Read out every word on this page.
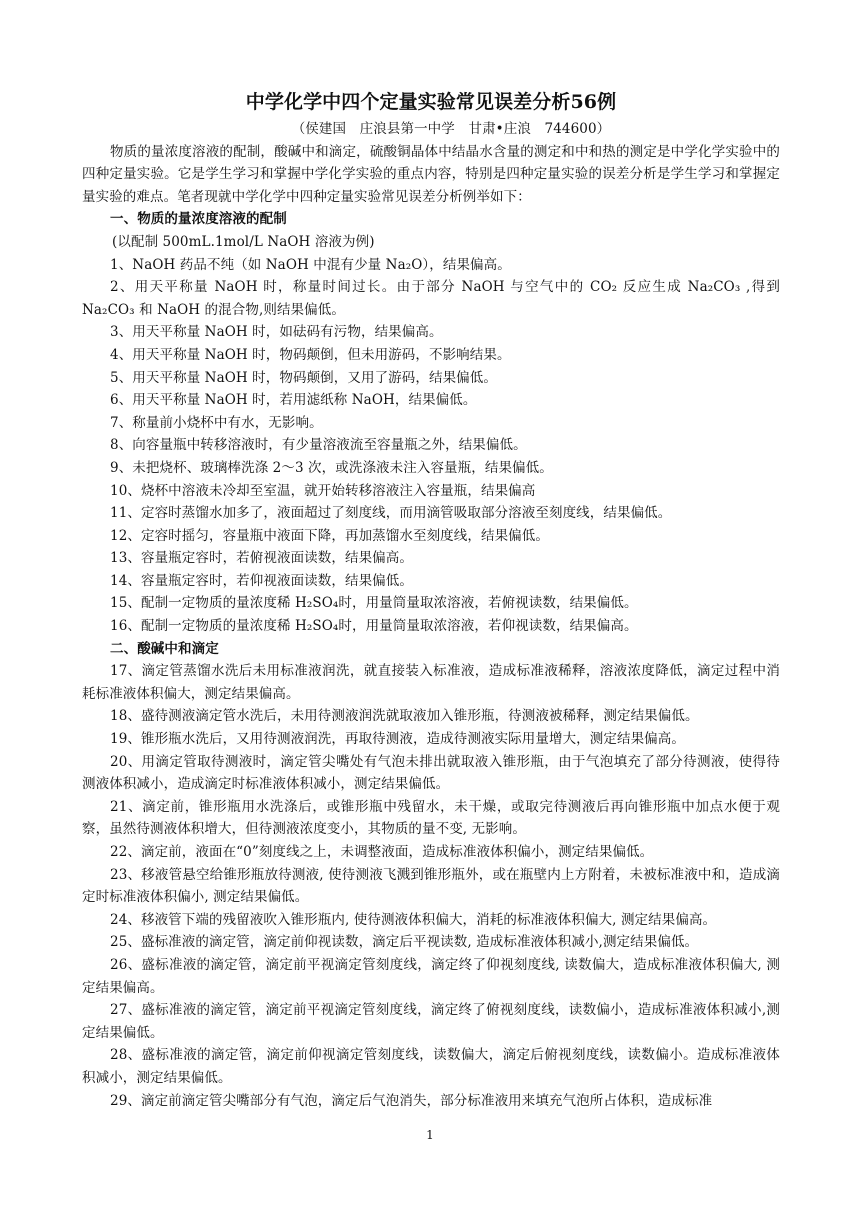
中学化学中四个定量实验常见误差分析56例
（侯建国　庄浪县第一中学　甘肃•庄浪　744600）

物质的量浓度溶液的配制，酸碱中和滴定，硫酸铜晶体中结晶水含量的测定和中和热的测定是中学化学实验中的四种定量实验。它是学生学习和掌握中学化学实验的重点内容，特别是四种定量实验的误差分析是学生学习和掌握定量实验的难点。笔者现就中学化学中四种定量实验常见误差分析例举如下：

一、物质的量浓度溶液的配制

(以配制 500mL.1mol/L NaOH 溶液为例)

1、NaOH 药品不纯（如 NaOH 中混有少量 Na₂O），结果偏高。

2、用天平称量 NaOH 时，称量时间过长。由于部分 NaOH 与空气中的 CO₂ 反应生成 Na₂CO₃ ,得到 Na₂CO₃ 和 NaOH 的混合物,则结果偏低。

3、用天平称量 NaOH 时，如砝码有污物，结果偏高。

4、用天平称量 NaOH 时，物码颠倒，但未用游码，不影响结果。

5、用天平称量 NaOH 时，物码颠倒，又用了游码，结果偏低。

6、用天平称量 NaOH 时，若用滤纸称 NaOH，结果偏低。

7、称量前小烧杯中有水，无影响。

8、向容量瓶中转移溶液时，有少量溶液流至容量瓶之外，结果偏低。

9、未把烧杯、玻璃棒洗涤 2～3 次，或洗涤液未注入容量瓶，结果偏低。

10、烧杯中溶液未冷却至室温，就开始转移溶液注入容量瓶，结果偏高

11、定容时蒸馏水加多了，液面超过了刻度线，而用滴管吸取部分溶液至刻度线，结果偏低。

12、定容时摇匀，容量瓶中液面下降，再加蒸馏水至刻度线，结果偏低。

13、容量瓶定容时，若俯视液面读数，结果偏高。

14、容量瓶定容时，若仰视液面读数，结果偏低。

15、配制一定物质的量浓度稀 H₂SO₄时，用量筒量取浓溶液，若俯视读数，结果偏低。

16、配制一定物质的量浓度稀 H₂SO₄时，用量筒量取浓溶液，若仰视读数，结果偏高。

二、酸碱中和滴定

17、滴定管蒸馏水洗后未用标准液润洗，就直接装入标准液，造成标准液稀释，溶液浓度降低，滴定过程中消耗标准液体积偏大，测定结果偏高。

18、盛待测液滴定管水洗后，未用待测液润洗就取液加入锥形瓶，待测液被稀释，测定结果偏低。

19、锥形瓶水洗后，又用待测液润洗，再取待测液，造成待测液实际用量增大，测定结果偏高。

20、用滴定管取待测液时，滴定管尖嘴处有气泡未排出就取液入锥形瓶，由于气泡填充了部分待测液，使得待测液体积减小，造成滴定时标准液体积减小，测定结果偏低。

21、滴定前，锥形瓶用水洗涤后，或锥形瓶中残留水，未干燥，或取完待测液后再向锥形瓶中加点水便于观察，虽然待测液体积增大，但待测液浓度变小，其物质的量不变, 无影响。

22、滴定前，液面在“0”刻度线之上，未调整液面，造成标准液体积偏小，测定结果偏低。

23、移液管悬空给锥形瓶放待测液, 使待测液飞溅到锥形瓶外，或在瓶壁内上方附着，未被标准液中和，造成滴定时标准液体积偏小, 测定结果偏低。

24、移液管下端的残留液吹入锥形瓶内, 使待测液体积偏大，消耗的标准液体积偏大, 测定结果偏高。

25、盛标准液的滴定管，滴定前仰视读数，滴定后平视读数, 造成标准液体积减小,测定结果偏低。

26、盛标准液的滴定管，滴定前平视滴定管刻度线，滴定终了仰视刻度线, 读数偏大，造成标准液体积偏大, 测定结果偏高。

27、盛标准液的滴定管，滴定前平视滴定管刻度线，滴定终了俯视刻度线，读数偏小，造成标准液体积减小,测定结果偏低。

28、盛标准液的滴定管，滴定前仰视滴定管刻度线，读数偏大，滴定后俯视刻度线，读数偏小。造成标准液体积减小，测定结果偏低。

29、滴定前滴定管尖嘴部分有气泡，滴定后气泡消失，部分标准液用来填充气泡所占体积，造成标准

1
